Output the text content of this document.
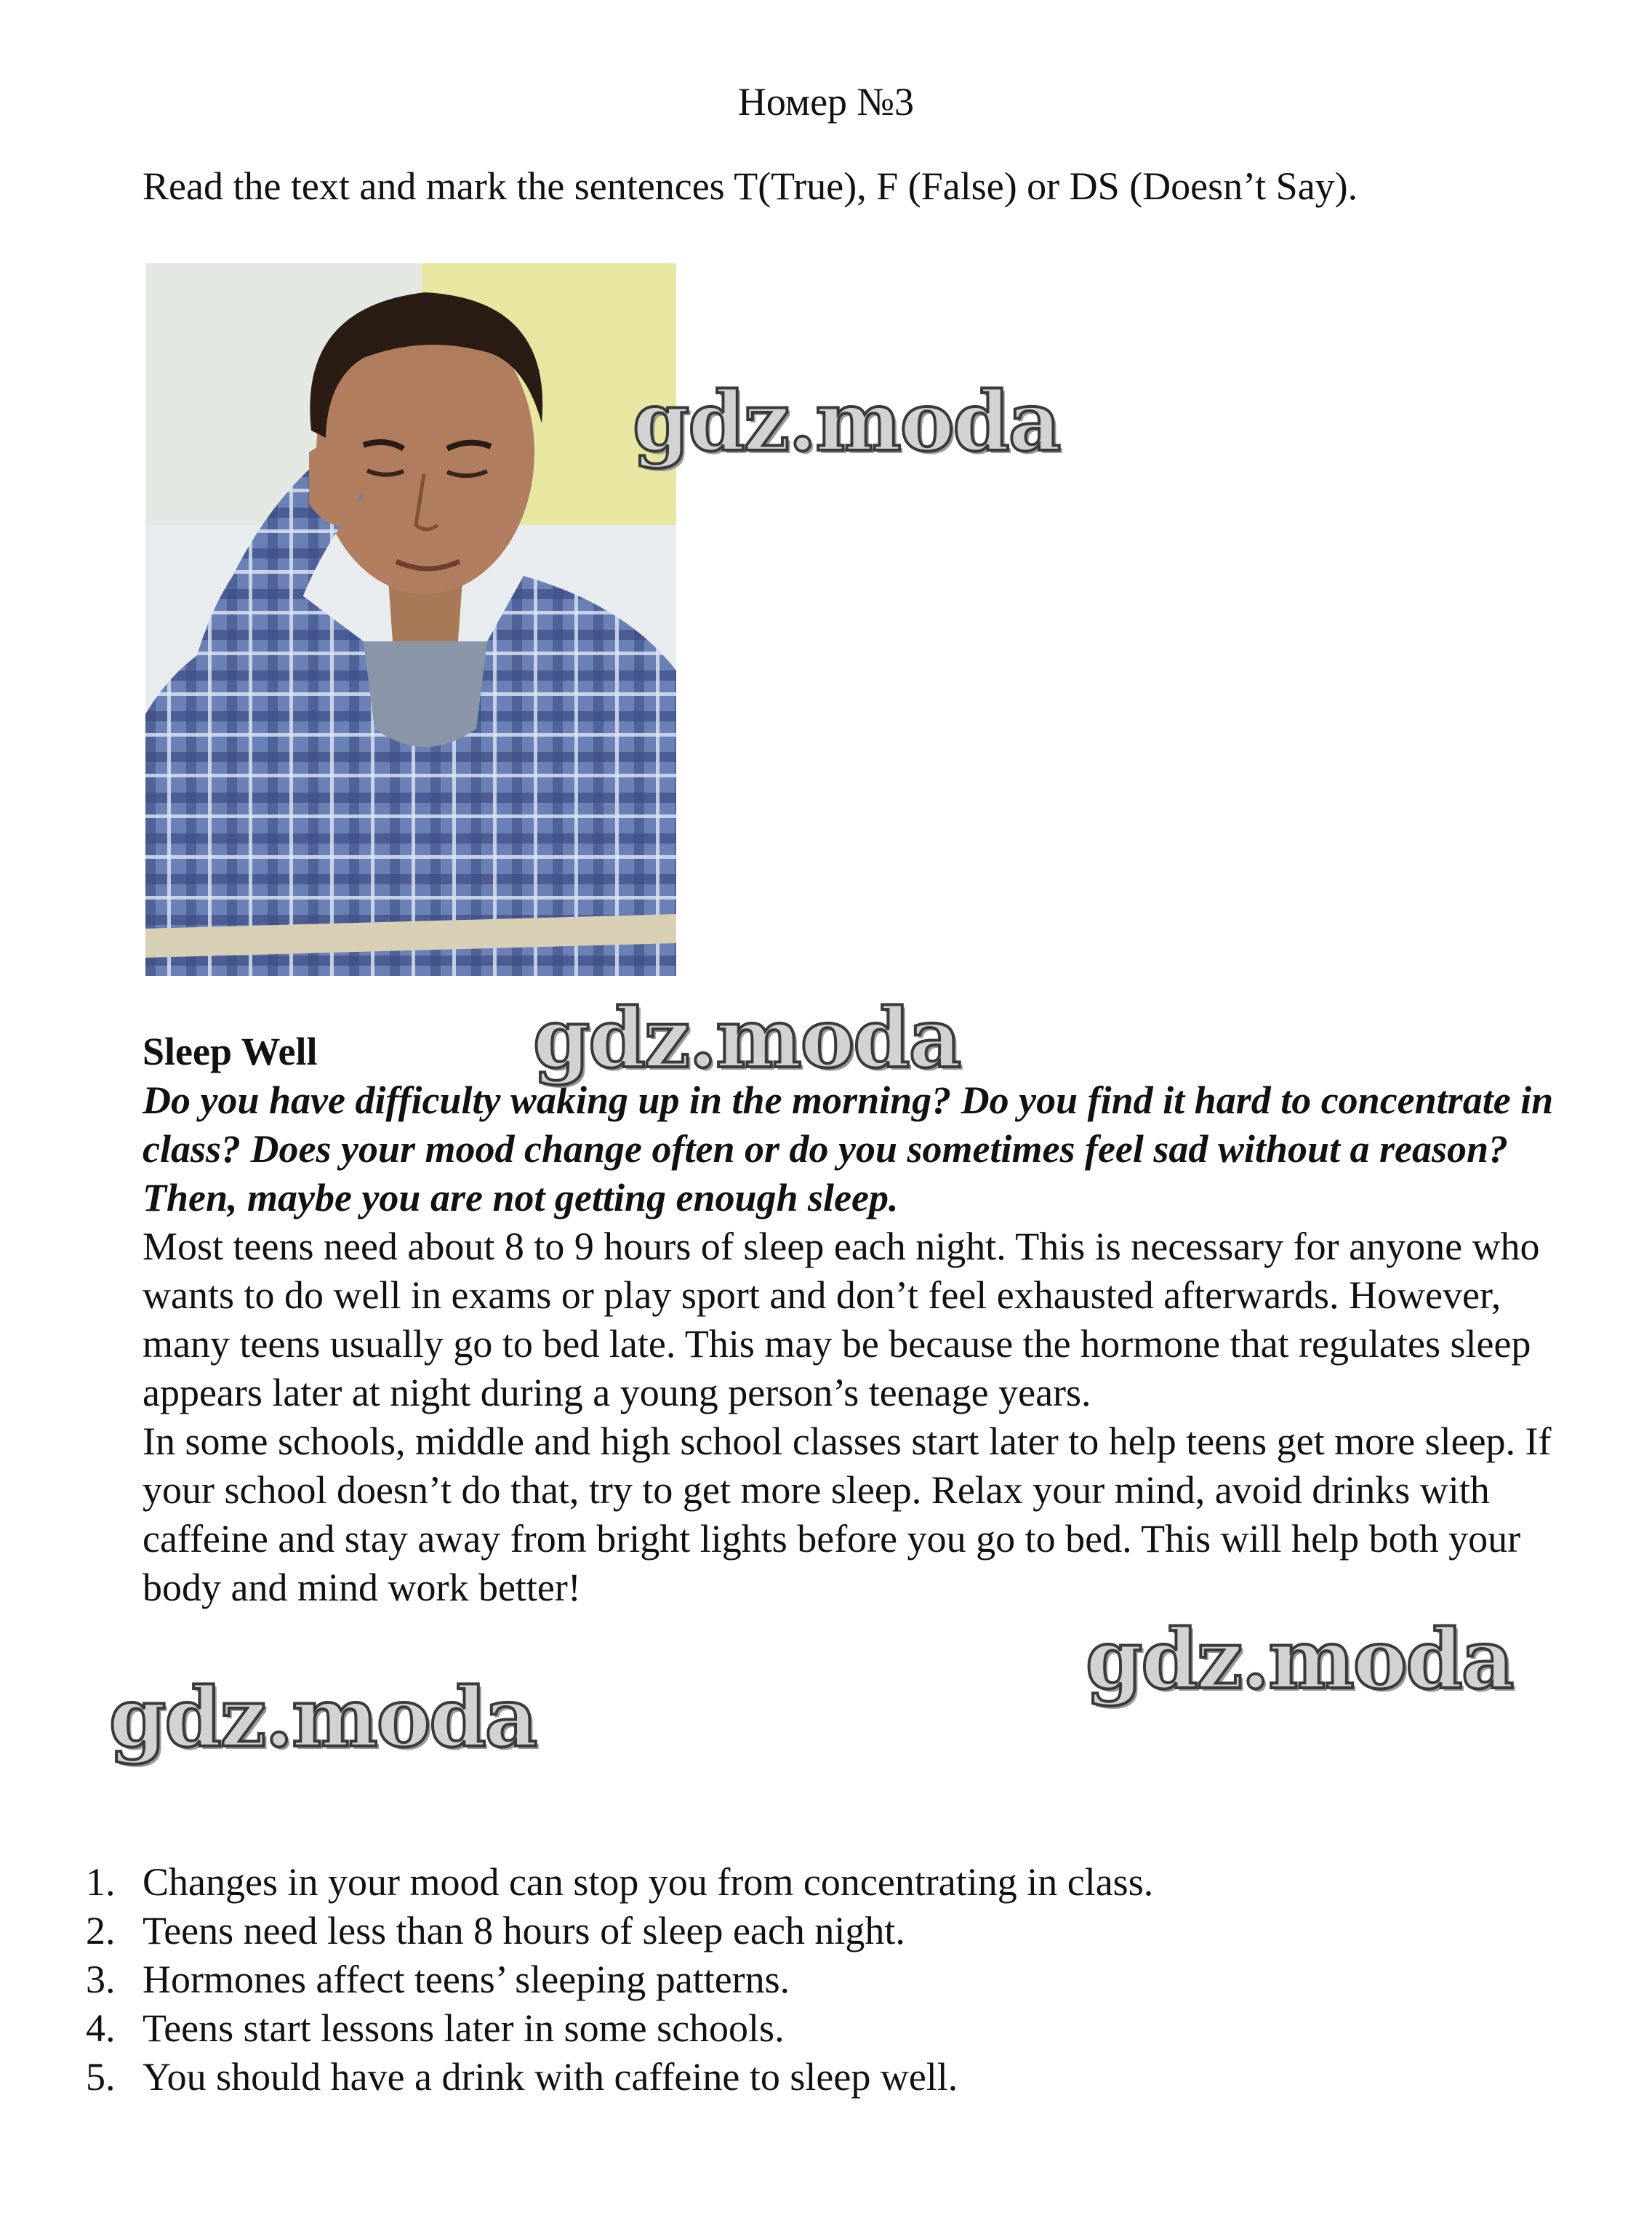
Номер №3
Read the text and mark the sentences T(True), F (False) or DS (Doesn’t Say).
Sleep Well
Do you have difficulty waking up in the morning? Do you find it hard to concentrate in class? Does your mood change often or do you sometimes feel sad without a reason? Then, maybe you are not getting enough sleep.

Most teens need about 8 to 9 hours of sleep each night. This is necessary for anyone who wants to do well in exams or play sport and don’t feel exhausted afterwards. However, many teens usually go to bed late. This may be because the hormone that regulates sleep appears later at night during a young person’s teenage years.

In some schools, middle and high school classes start later to help teens get more sleep. If your school doesn’t do that, try to get more sleep. Relax your mind, avoid drinks with caffeine and stay away from bright lights before you go to bed. This will help both your body and mind work better!

1. Changes in your mood can stop you from concentrating in class.
2. Teens need less than 8 hours of sleep each night.
3. Hormones affect teens’ sleeping patterns.
4. Teens start lessons later in some schools.
5. You should have a drink with caffeine to sleep well.
gdz.moda
gdz.moda
gdz.moda
gdz.moda
